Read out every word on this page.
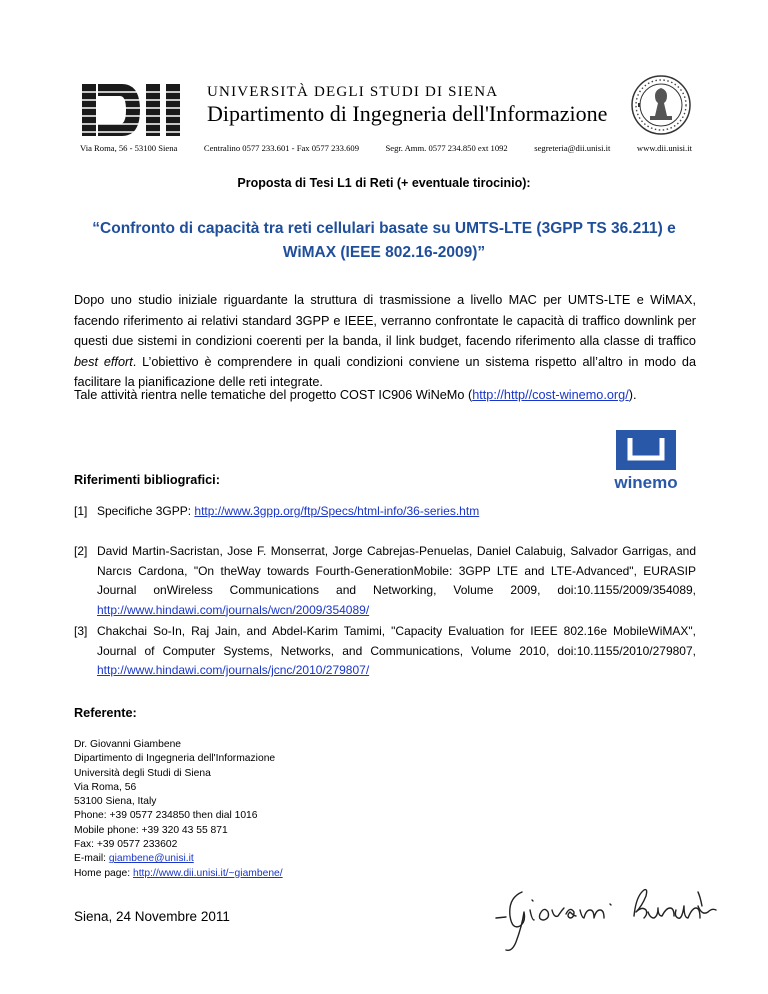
UNIVERSITÀ DEGLI STUDI DI SIENA
Dipartimento di Ingegneria dell'Informazione
Via Roma, 56 - 53100 Siena	Centralino 0577 233.601 - Fax 0577 233.609	Segr. Amm. 0577 234.850 ext 1092	segreteria@dii.unisi.it	www.dii.unisi.it
Proposta di Tesi L1 di Reti (+ eventuale tirocinio):
“Confronto di capacità tra reti cellulari basate su UMTS-LTE (3GPP TS 36.211) e
WiMAX (IEEE 802.16-2009)”
Dopo uno studio iniziale riguardante la struttura di trasmissione a livello MAC per UMTS-LTE e WiMAX, facendo riferimento ai relativi standard 3GPP e IEEE, verranno confrontate le capacità di traffico downlink per questi due sistemi in condizioni coerenti per la banda, il link budget, facendo riferimento alla classe di traffico best effort. L’obiettivo è comprendere in quali condizioni conviene un sistema rispetto all’altro in modo da facilitare la pianificazione delle reti integrate.
Tale attività rientra nelle tematiche del progetto COST IC906 WiNeMo (http://http//cost-winemo.org/).
Riferimenti bibliografici:	winemo
[1] Specifiche 3GPP: http://www.3gpp.org/ftp/Specs/html-info/36-series.htm
[2] David Martin-Sacristan, Jose F. Monserrat, Jorge Cabrejas-Penuelas, Daniel Calabuig, Salvador Garrigas, and Narcıs Cardona, "On theWay towards Fourth-GenerationMobile: 3GPP LTE and LTE-Advanced", EURASIP Journal onWireless Communications and Networking, Volume 2009, doi:10.1155/2009/354089, http://www.hindawi.com/journals/wcn/2009/354089/
[3] Chakchai So-In, Raj Jain, and Abdel-Karim Tamimi, "Capacity Evaluation for IEEE 802.16e MobileWiMAX", Journal of Computer Systems, Networks, and Communications, Volume 2010, doi:10.1155/2010/279807, http://www.hindawi.com/journals/jcnc/2010/279807/
Referente:
Dr. Giovanni Giambene
Dipartimento di Ingegneria dell'Informazione
Università degli Studi di Siena
Via Roma, 56
53100 Siena, Italy
Phone: +39 0577 234850 then dial 1016
Mobile phone: +39 320 43 55 871
Fax: +39 0577 233602
E-mail: giambene@unisi.it
Home page: http://www.dii.unisi.it/~giambene/
Siena, 24 Novembre 2011
